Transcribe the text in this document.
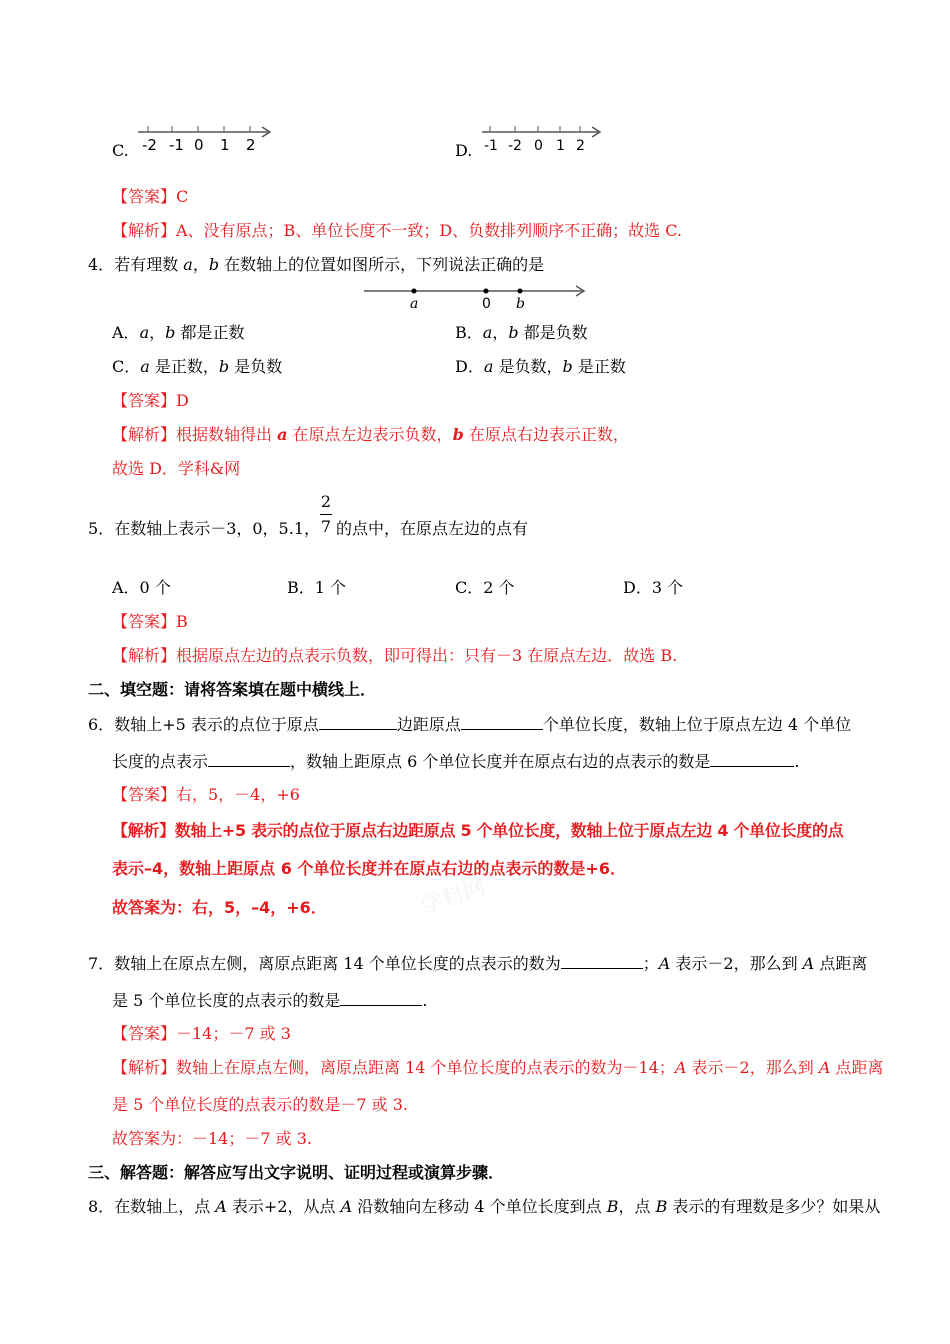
C. -2 -1 0 1 2	D. -1 -2 0 1 2
【答案】C
【解析】A、没有原点；B、单位长度不一致；D、负数排列顺序不正确；故选 C.
4．若有理数 a，b 在数轴上的位置如图所示，下列说法正确的是
a	0 b
A．a，b 都是正数	B．a，b 都是负数
C．a 是正数，b 是负数	D．a 是负数，b 是正数
【答案】D
【解析】根据数轴得出 a 在原点左边表示负数，b 在原点右边表示正数，
故选 D．学科&网
5．在数轴上表示－3，0，5.1，
2
7 的点中，在原点左边的点有
A．0 个	B．1 个	C．2 个	D．3 个
【答案】B
【解析】根据原点左边的点表示负数，即可得出：只有－3 在原点左边．故选 B.
二、填空题：请将答案填在题中横线上．
6．数轴上+5 表示的点位于原点	边距原点	个单位长度，数轴上位于原点左边 4 个单位
长度的点表示	，数轴上距原点 6 个单位长度并在原点右边的点表示的数是	.
【答案】右，5，－4，+6
【解析】数轴上+5 表示的点位于原点右边距原点 5 个单位长度，数轴上位于原点左边 4 个单位长度的点
表示–4，数轴上距原点 6 个单位长度并在原点右边的点表示的数是+6．
故答案为：右，5，–4，+6．	学科网
7．数轴上在原点左侧，离原点距离 14 个单位长度的点表示的数为	；A 表示－2，那么到 A 点距离
是 5 个单位长度的点表示的数是	.
【答案】－14；－7 或 3
【解析】数轴上在原点左侧，离原点距离 14 个单位长度的点表示的数为－14；A 表示－2，那么到 A 点距离
是 5 个单位长度的点表示的数是－7 或 3.
故答案为：－14；－7 或 3.
三、解答题：解答应写出文字说明、证明过程或演算步骤．
8．在数轴上，点 A 表示+2，从点 A 沿数轴向左移动 4 个单位长度到点 B，点 B 表示的有理数是多少？如果从
